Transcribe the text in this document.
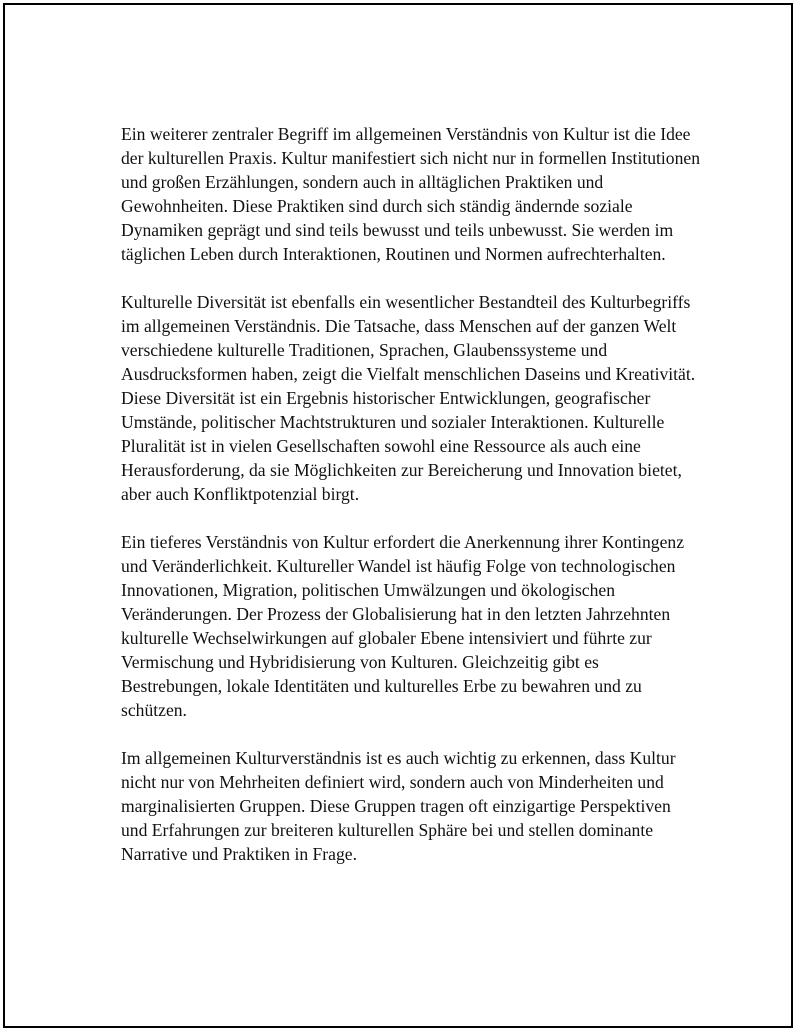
Ein weiterer zentraler Begriff im allgemeinen Verständnis von Kultur ist die Idee der kulturellen Praxis. Kultur manifestiert sich nicht nur in formellen Institutionen und großen Erzählungen, sondern auch in alltäglichen Praktiken und Gewohnheiten. Diese Praktiken sind durch sich ständig ändernde soziale Dynamiken geprägt und sind teils bewusst und teils unbewusst. Sie werden im täglichen Leben durch Interaktionen, Routinen und Normen aufrechterhalten.

Kulturelle Diversität ist ebenfalls ein wesentlicher Bestandteil des Kulturbegriffs im allgemeinen Verständnis. Die Tatsache, dass Menschen auf der ganzen Welt verschiedene kulturelle Traditionen, Sprachen, Glaubenssysteme und Ausdrucksformen haben, zeigt die Vielfalt menschlichen Daseins und Kreativität. Diese Diversität ist ein Ergebnis historischer Entwicklungen, geografischer Umstände, politischer Machtstrukturen und sozialer Interaktionen. Kulturelle Pluralität ist in vielen Gesellschaften sowohl eine Ressource als auch eine Herausforderung, da sie Möglichkeiten zur Bereicherung und Innovation bietet, aber auch Konfliktpotenzial birgt.

Ein tieferes Verständnis von Kultur erfordert die Anerkennung ihrer Kontingenz und Veränderlichkeit. Kultureller Wandel ist häufig Folge von technologischen Innovationen, Migration, politischen Umwälzungen und ökologischen Veränderungen. Der Prozess der Globalisierung hat in den letzten Jahrzehnten kulturelle Wechselwirkungen auf globaler Ebene intensiviert und führte zur Vermischung und Hybridisierung von Kulturen. Gleichzeitig gibt es Bestrebungen, lokale Identitäten und kulturelles Erbe zu bewahren und zu schützen.

Im allgemeinen Kulturverständnis ist es auch wichtig zu erkennen, dass Kultur nicht nur von Mehrheiten definiert wird, sondern auch von Minderheiten und marginalisierten Gruppen. Diese Gruppen tragen oft einzigartige Perspektiven und Erfahrungen zur breiteren kulturellen Sphäre bei und stellen dominante Narrative und Praktiken in Frage.
